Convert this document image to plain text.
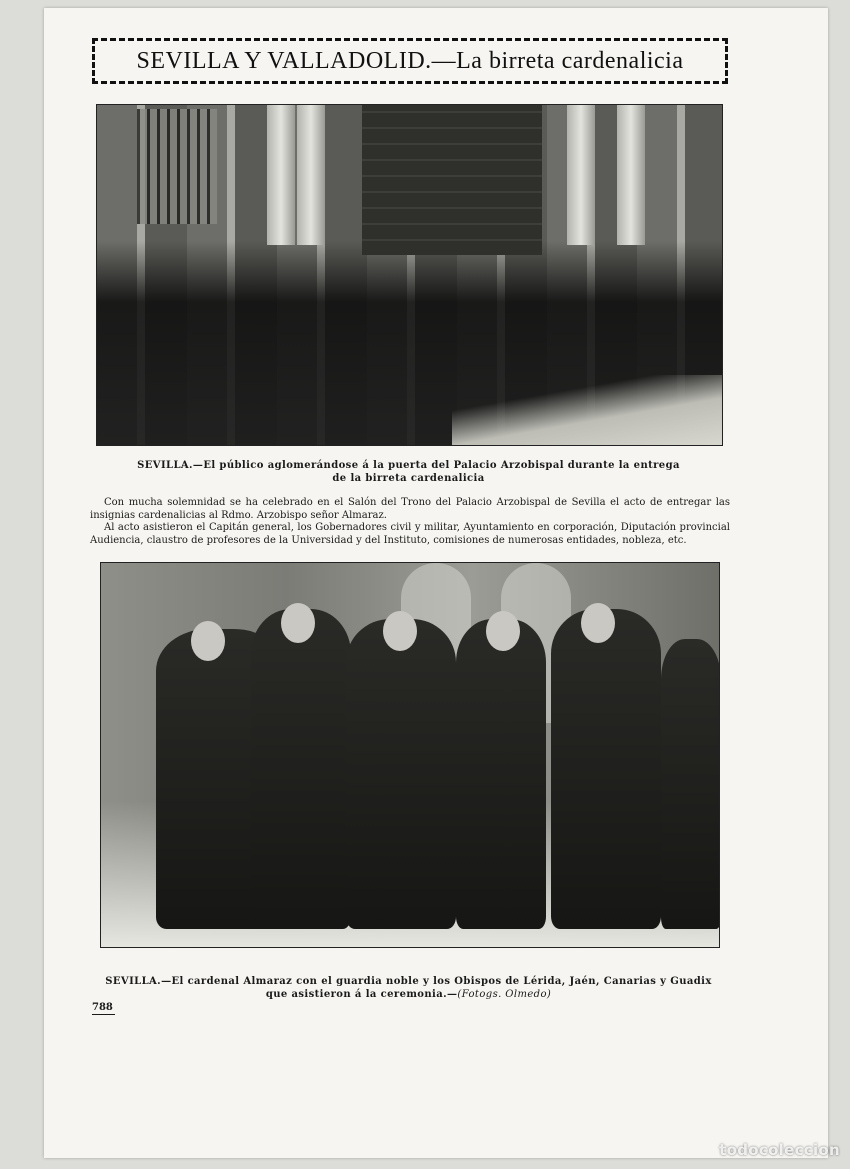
SEVILLA Y VALLADOLID.—La birreta cardenalicia
SEVILLA.—El público aglomerándose á la puerta del Palacio Arzobispal durante la entrega
de la birreta cardenalicia

Con mucha solemnidad se ha celebrado en el Salón del Trono del Palacio Arzobispal de Sevilla el acto de entregar las insignias cardenalicias al Rdmo. Arzobispo señor Almaraz.

Al acto asistieron el Capitán general, los Gobernadores civil y militar, Ayuntamiento en corporación, Diputación provincial Audiencia, claustro de profesores de la Universidad y del Instituto, comisiones de numerosas entidades, nobleza, etc.

SEVILLA.—El cardenal Almaraz con el guardia noble y los Obispos de Lérida, Jaén, Canarias y Guadix
que asistieron á la ceremonia.—(Fotogs. Olmedo)
788
todocoleccion
